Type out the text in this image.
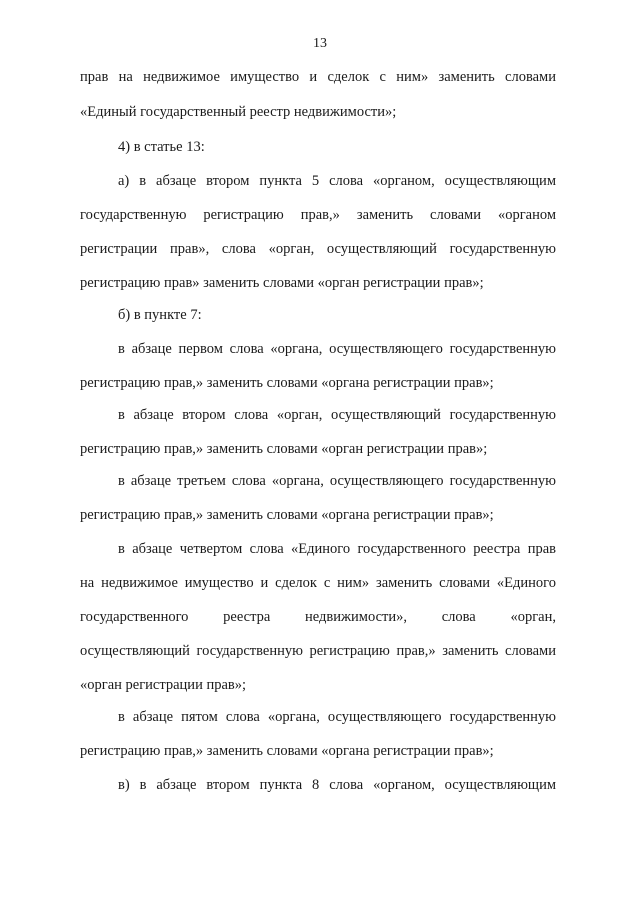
13
прав на недвижимое имущество и сделок с ним» заменить словами
«Единый государственный реестр недвижимости»;
4) в статье 13:
а) в абзаце втором пункта 5 слова «органом, осуществляющим
государственную регистрацию прав,» заменить словами «органом
регистрации прав», слова «орган, осуществляющий государственную
регистрацию прав» заменить словами «орган регистрации прав»;
б) в пункте 7:
в абзаце первом слова «органа, осуществляющего государственную
регистрацию прав,» заменить словами «органа регистрации прав»;
в абзаце втором слова «орган, осуществляющий государственную
регистрацию прав,» заменить словами «орган регистрации прав»;
в абзаце третьем слова «органа, осуществляющего государственную
регистрацию прав,» заменить словами «органа регистрации прав»;
в абзаце четвертом слова «Единого государственного реестра прав
на недвижимое имущество и сделок с ним» заменить словами «Единого
государственного реестра недвижимости», слова «орган,
осуществляющий государственную регистрацию прав,» заменить словами
«орган регистрации прав»;
в абзаце пятом слова «органа, осуществляющего государственную
регистрацию прав,» заменить словами «органа регистрации прав»;
в) в абзаце втором пункта 8 слова «органом, осуществляющим
